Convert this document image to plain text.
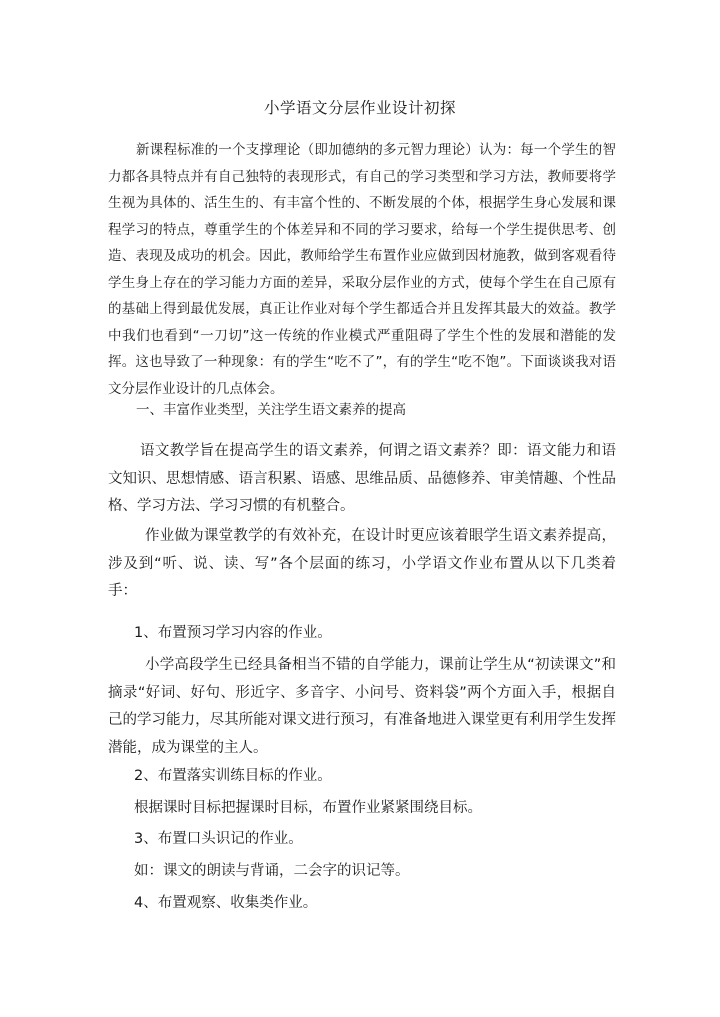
小学语文分层作业设计初探

新课程标准的一个支撑理论（即加德纳的多元智力理论）认为：每一个学生的智力都各具特点并有自己独特的表现形式，有自己的学习类型和学习方法，教师要将学生视为具体的、活生生的、有丰富个性的、不断发展的个体，根据学生身心发展和课程学习的特点，尊重学生的个体差异和不同的学习要求，给每一个学生提供思考、创造、表现及成功的机会。因此，教师给学生布置作业应做到因材施教，做到客观看待学生身上存在的学习能力方面的差异，采取分层作业的方式，使每个学生在自己原有的基础上得到最优发展，真正让作业对每个学生都适合并且发挥其最大的效益。教学中我们也看到“一刀切”这一传统的作业模式严重阻碍了学生个性的发展和潜能的发挥。这也导致了一种现象：有的学生“吃不了”，有的学生“吃不饱”。下面谈谈我对语文分层作业设计的几点体会。

一、丰富作业类型，关注学生语文素养的提高

语文教学旨在提高学生的语文素养，何谓之语文素养？即：语文能力和语文知识、思想情感、语言积累、语感、思维品质、品德修养、审美情趣、个性品格、学习方法、学习习惯的有机整合。

作业做为课堂教学的有效补充，在设计时更应该着眼学生语文素养提高，涉及到“听、说、读、写”各个层面的练习，小学语文作业布置从以下几类着手：

1、布置预习学习内容的作业。

小学高段学生已经具备相当不错的自学能力，课前让学生从“初读课文”和摘录“好词、好句、形近字、多音字、小问号、资料袋”两个方面入手，根据自己的学习能力，尽其所能对课文进行预习，有准备地进入课堂更有利用学生发挥潜能，成为课堂的主人。

2、布置落实训练目标的作业。

根据课时目标把握课时目标，布置作业紧紧围绕目标。

3、布置口头识记的作业。

如：课文的朗读与背诵，二会字的识记等。

4、布置观察、收集类作业。
